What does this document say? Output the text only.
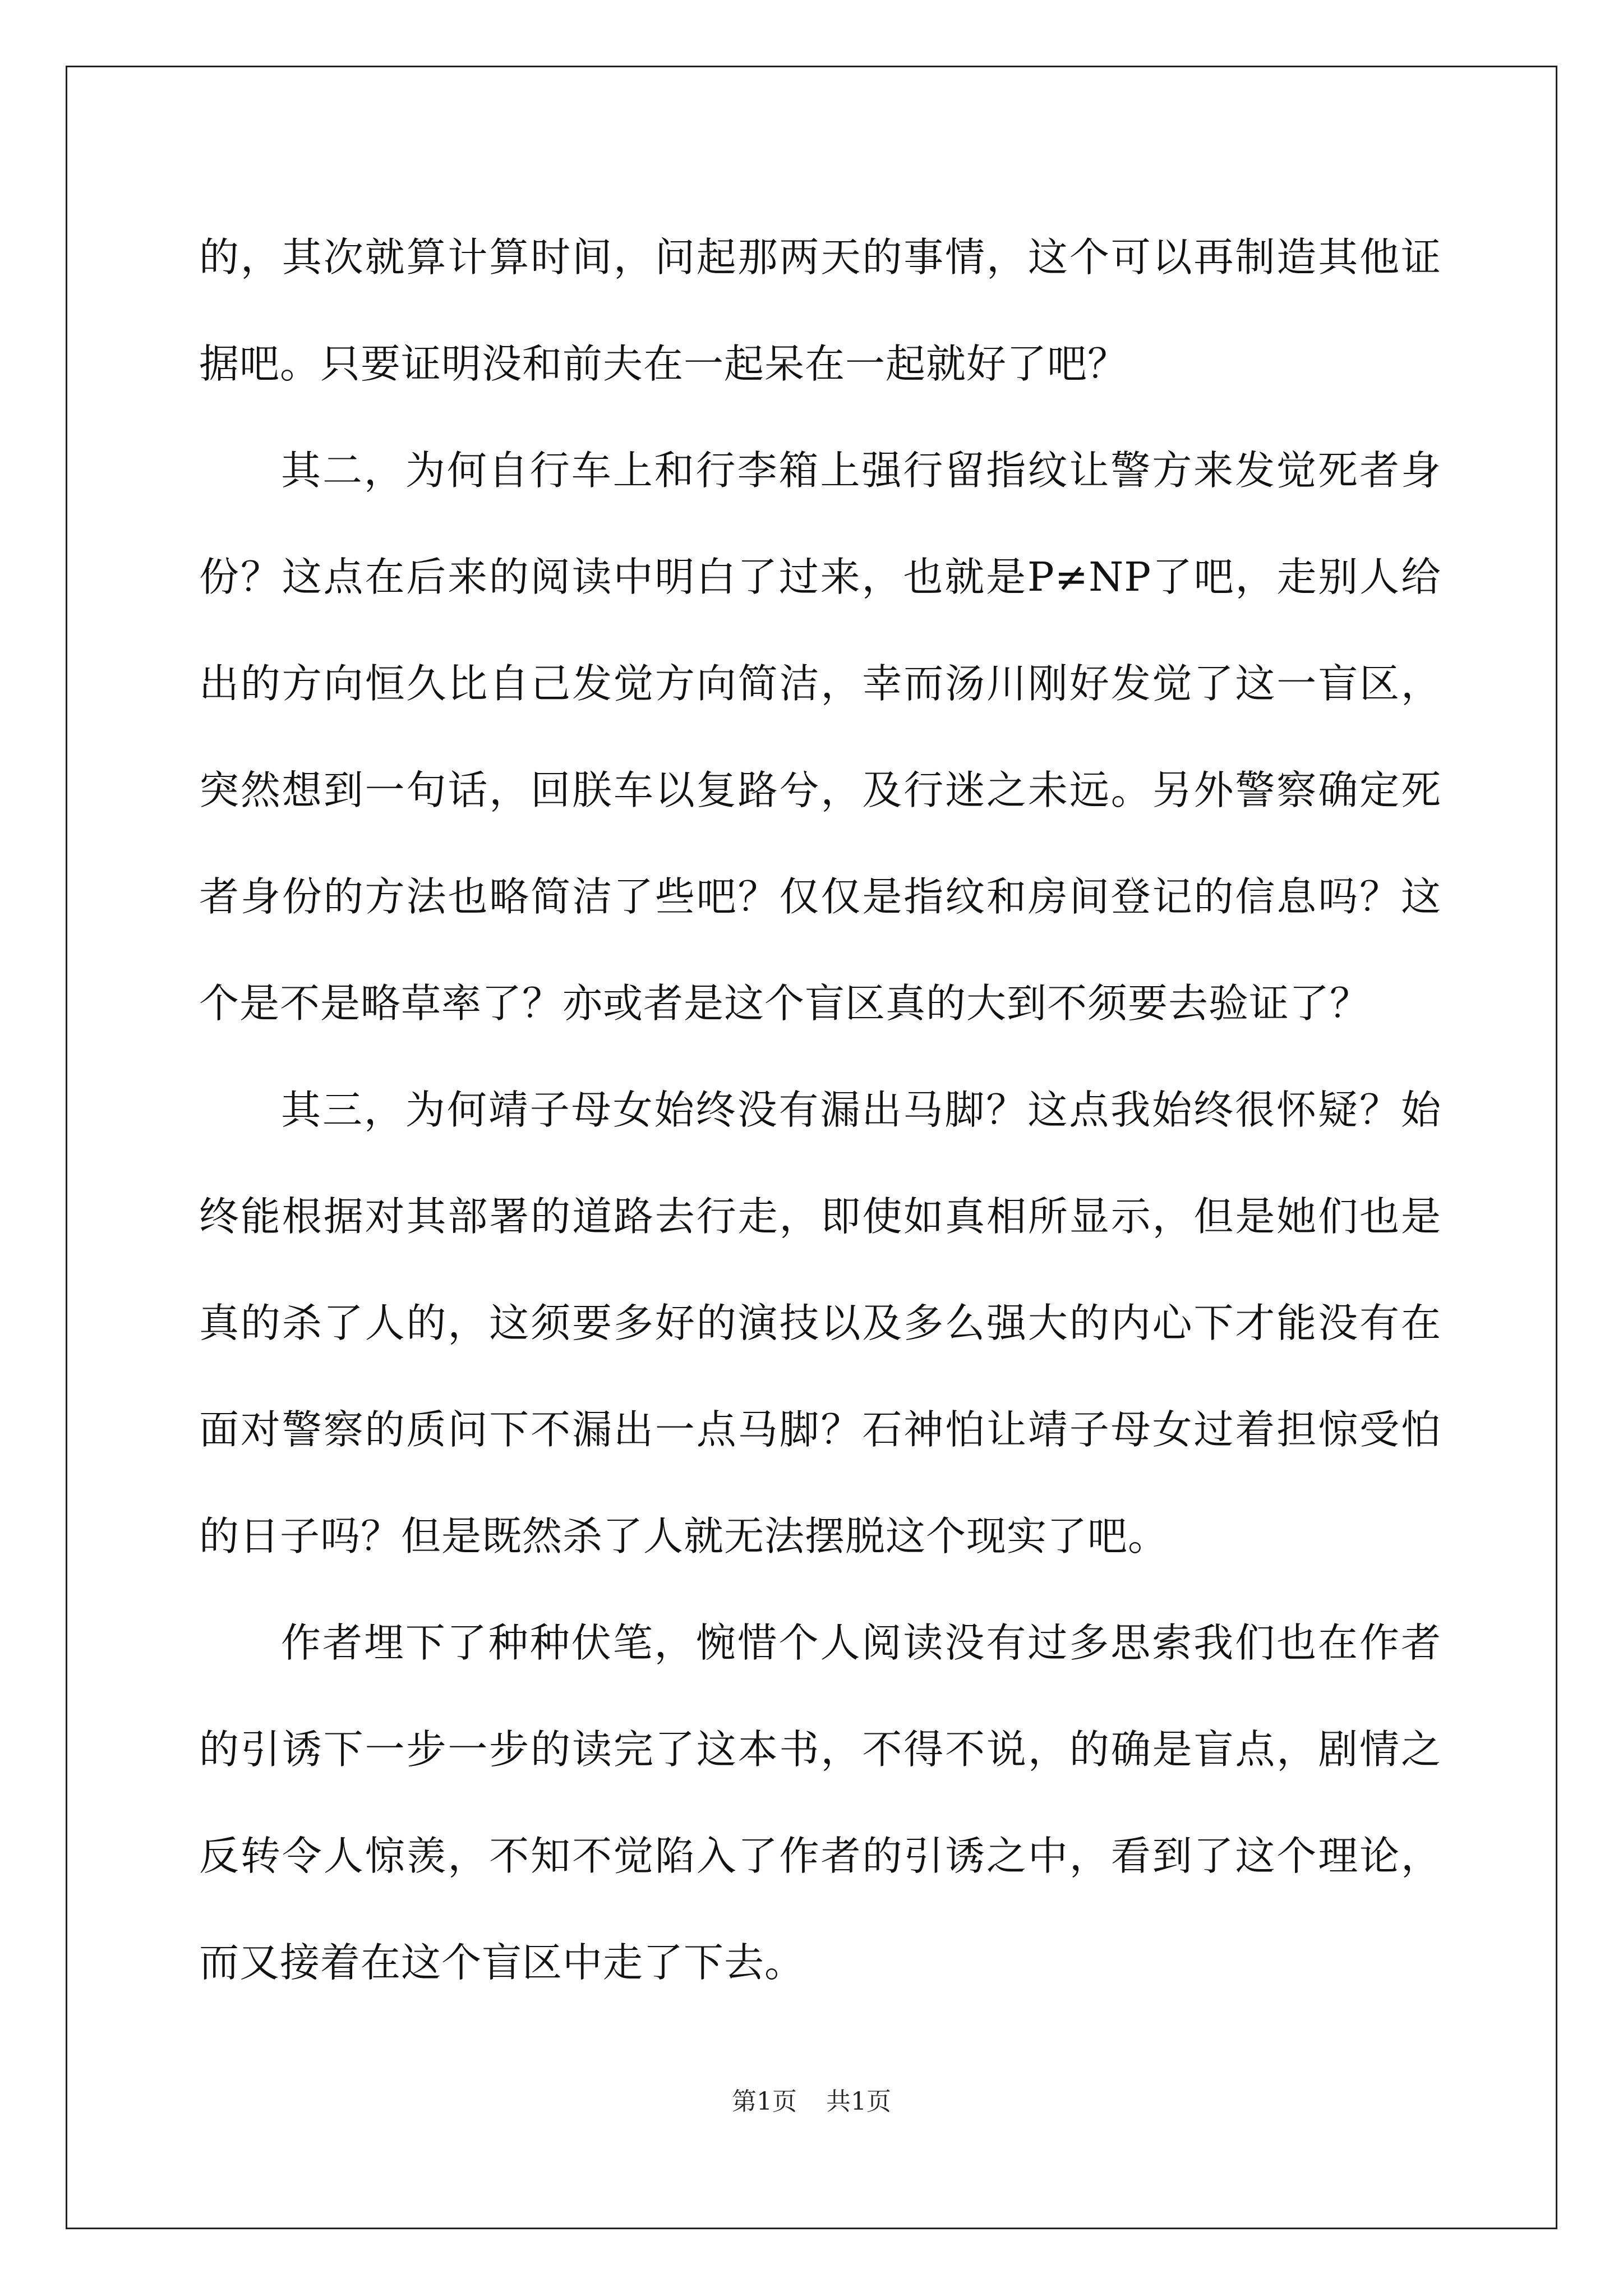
的，其次就算计算时间，问起那两天的事情，这个可以再制造其他证据吧。只要证明没和前夫在一起呆在一起就好了吧？

其二，为何自行车上和行李箱上强行留指纹让警方来发觉死者身份？这点在后来的阅读中明白了过来，也就是P≠NP了吧，走别人给出的方向恒久比自己发觉方向简洁，幸而汤川刚好发觉了这一盲区，突然想到一句话，回朕车以复路兮，及行迷之未远。另外警察确定死者身份的方法也略简洁了些吧？仅仅是指纹和房间登记的信息吗？这个是不是略草率了？亦或者是这个盲区真的大到不须要去验证了？

其三，为何靖子母女始终没有漏出马脚？这点我始终很怀疑？始终能根据对其部署的道路去行走，即使如真相所显示，但是她们也是真的杀了人的，这须要多好的演技以及多么强大的内心下才能没有在面对警察的质问下不漏出一点马脚？石神怕让靖子母女过着担惊受怕的日子吗？但是既然杀了人就无法摆脱这个现实了吧。

作者埋下了种种伏笔，惋惜个人阅读没有过多思索我们也在作者的引诱下一步一步的读完了这本书，不得不说，的确是盲点，剧情之反转令人惊羡，不知不觉陷入了作者的引诱之中，看到了这个理论，而又接着在这个盲区中走了下去。

第1页 共1页
